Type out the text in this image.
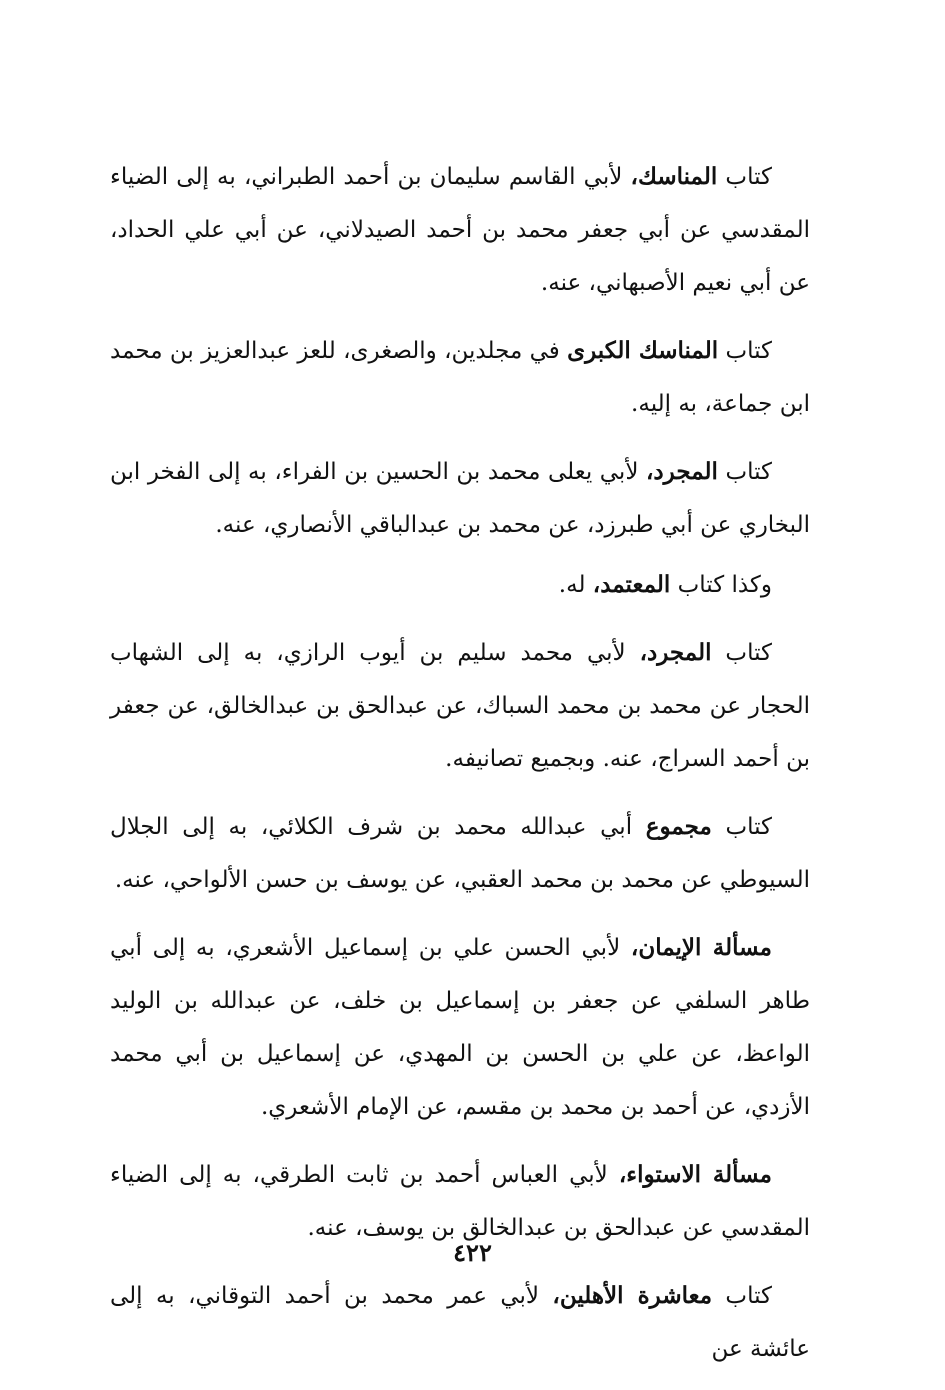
كتاب المناسك، لأبي القاسم سليمان بن أحمد الطبراني، به إلى الضياء المقدسي عن أبي جعفر محمد بن أحمد الصيدلاني، عن أبي علي الحداد، عن أبي نعيم الأصبهاني، عنه.

كتاب المناسك الكبرى في مجلدين، والصغرى، للعز عبدالعزيز بن محمد ابن جماعة، به إليه.

كتاب المجرد، لأبي يعلى محمد بن الحسين بن الفراء، به إلى الفخر ابن البخاري عن أبي طبرزد، عن محمد بن عبدالباقي الأنصاري، عنه.

وكذا كتاب المعتمد، له.

كتاب المجرد، لأبي محمد سليم بن أيوب الرازي، به إلى الشهاب الحجار عن محمد بن محمد السباك، عن عبدالحق بن عبدالخالق، عن جعفر بن أحمد السراج، عنه. وبجميع تصانيفه.

كتاب مجموع أبي عبدالله محمد بن شرف الكلائي، به إلى الجلال السيوطي عن محمد بن محمد العقبي، عن يوسف بن حسن الألواحي، عنه.

مسألة الإيمان، لأبي الحسن علي بن إسماعيل الأشعري، به إلى أبي طاهر السلفي عن جعفر بن إسماعيل بن خلف، عن عبدالله بن الوليد الواعظ، عن علي بن الحسن بن المهدي، عن إسماعيل بن أبي محمد الأزدي، عن أحمد بن محمد بن مقسم، عن الإمام الأشعري.

مسألة الاستواء، لأبي العباس أحمد بن ثابت الطرقي، به إلى الضياء المقدسي عن عبدالحق بن عبدالخالق بن يوسف، عنه.

كتاب معاشرة الأهلين، لأبي عمر محمد بن أحمد التوقاني، به إلى عائشة عن

٤٢٢
